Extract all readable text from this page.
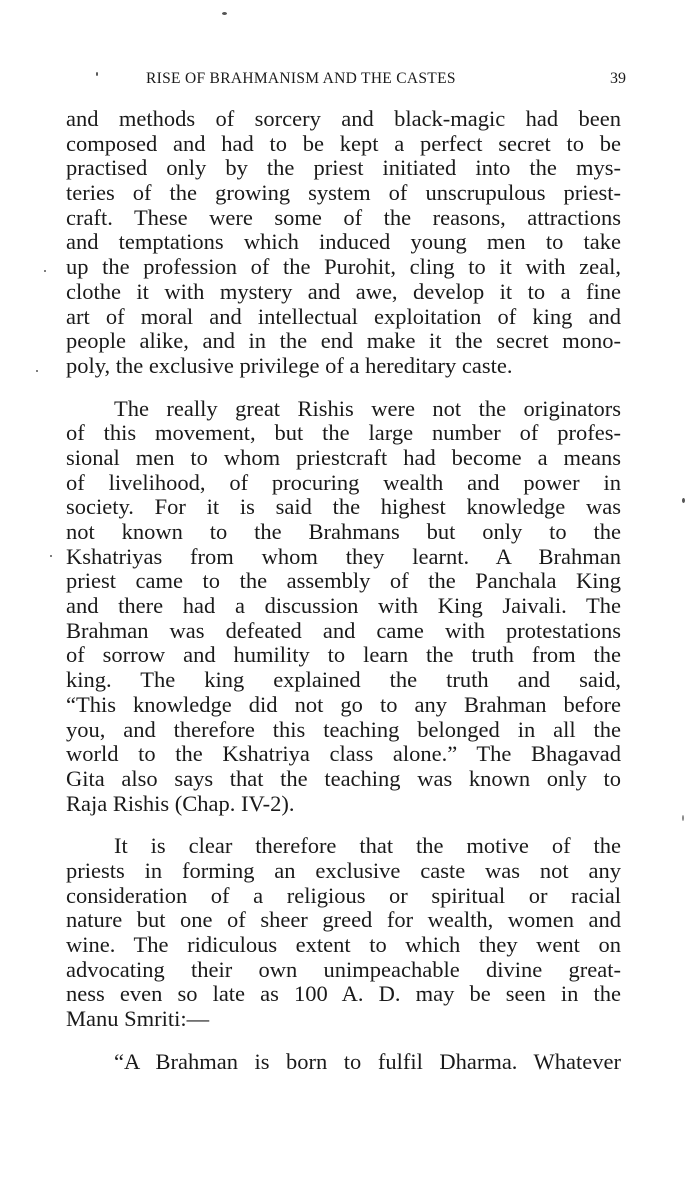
RISE OF BRAHMANISM AND THE CASTES	39
and methods of sorcery and black-magic had been
composed and had to be kept a perfect secret to be
practised only by the priest initiated into the mys-
teries of the growing system of unscrupulous priest-
craft. These were some of the reasons, attractions
and temptations which induced young men to take
up the profession of the Purohit, cling to it with zeal,
clothe it with mystery and awe, develop it to a fine
art of moral and intellectual exploitation of king and
people alike, and in the end make it the secret mono-
poly, the exclusive privilege of a hereditary caste.
The really great Rishis were not the originators
of this movement, but the large number of profes-
sional men to whom priestcraft had become a means
of livelihood, of procuring wealth and power in
society. For it is said the highest knowledge was
not known to the Brahmans but only to the
Kshatriyas from whom they learnt. A Brahman
priest came to the assembly of the Panchala King
and there had a discussion with King Jaivali. The
Brahman was defeated and came with protestations
of sorrow and humility to learn the truth from the
king. The king explained the truth and said,
“This knowledge did not go to any Brahman before
you, and therefore this teaching belonged in all the
world to the Kshatriya class alone.” The Bhagavad
Gita also says that the teaching was known only to
Raja Rishis (Chap. IV-2).
It is clear therefore that the motive of the
priests in forming an exclusive caste was not any
consideration of a religious or spiritual or racial
nature but one of sheer greed for wealth, women and
wine. The ridiculous extent to which they went on
advocating their own unimpeachable divine great-
ness even so late as 100 A. D. may be seen in the
Manu Smriti:—
“A Brahman is born to fulfil Dharma. Whatever
